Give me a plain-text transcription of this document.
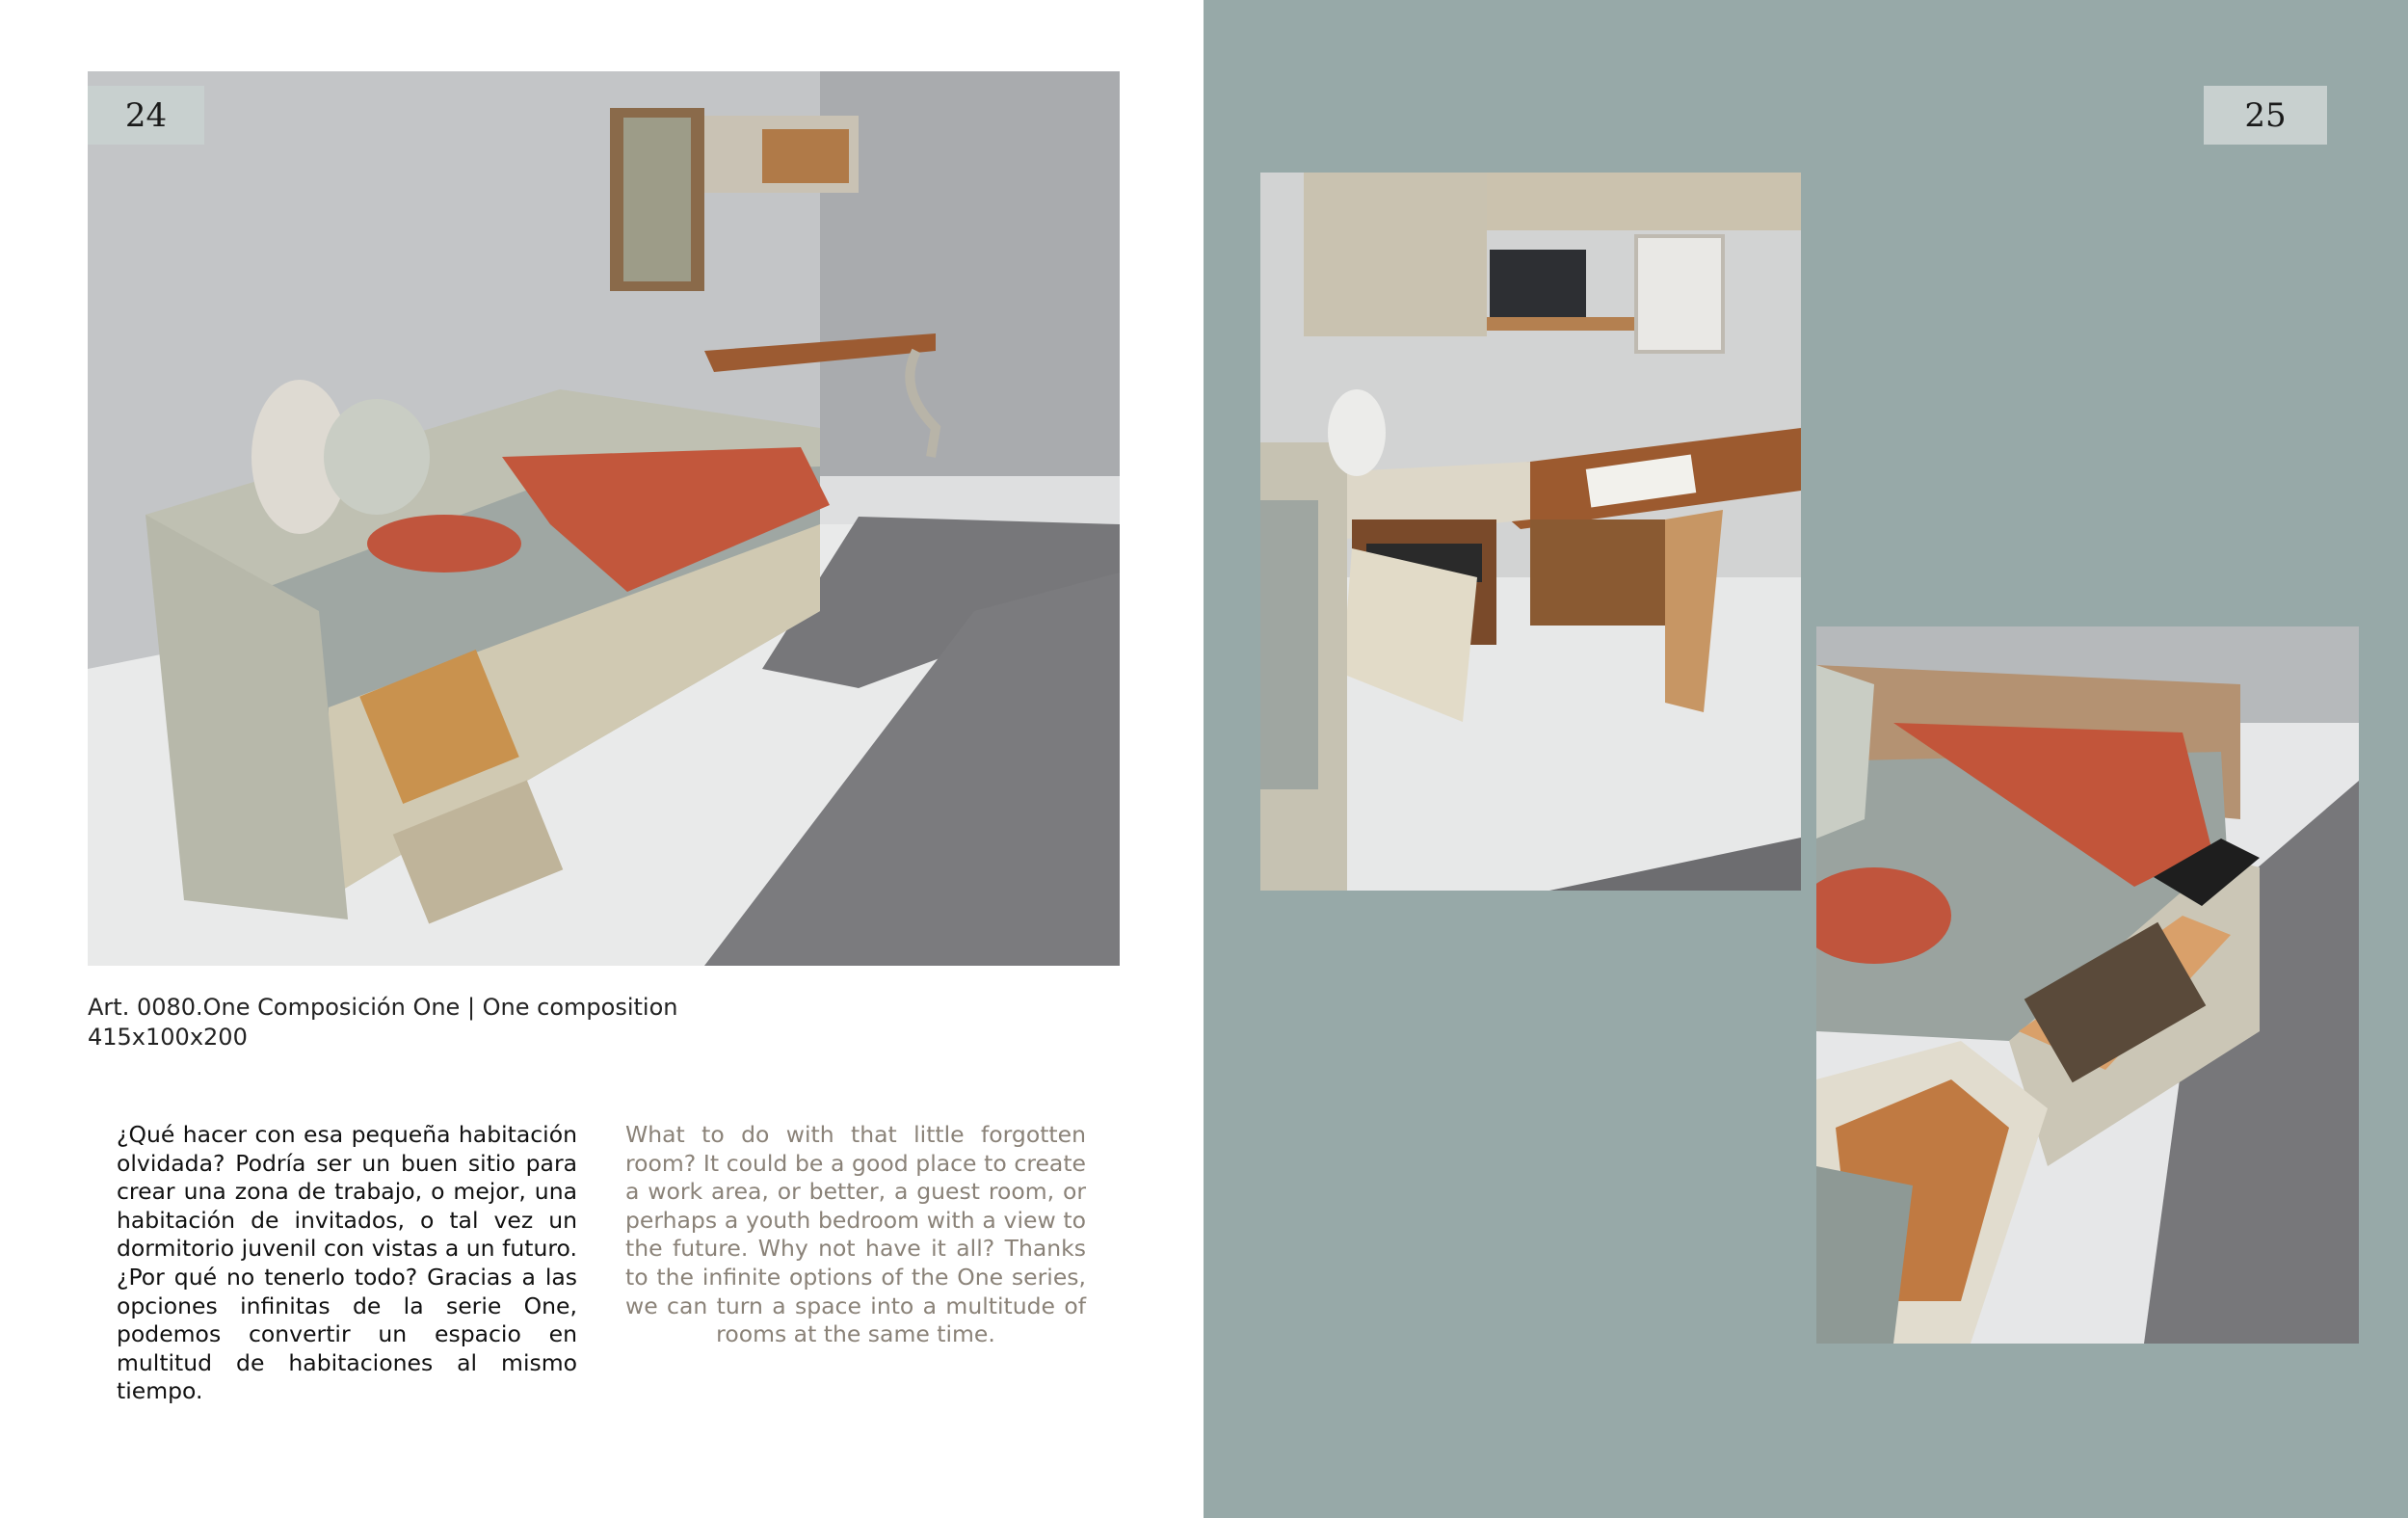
24
Art. 0080.One Composición One | One composition
415x100x200
¿Qué hacer con esa pequeña habitación olvidada? Podría ser un buen sitio para crear una zona de trabajo, o mejor, una habitación de invitados, o tal vez un dormitorio juvenil con vistas a un futuro. ¿Por qué no tenerlo todo? Gracias a las opciones infinitas de la serie One, podemos convertir un espacio en multitud de habitaciones al mismo tiempo.
What to do with that little forgotten room? It could be a good place to create a work area, or better, a guest room, or perhaps a youth bedroom with a view to the future. Why not have it all? Thanks to the infinite options of the One series, we can turn a space into a multitude of rooms at the same time.
25
